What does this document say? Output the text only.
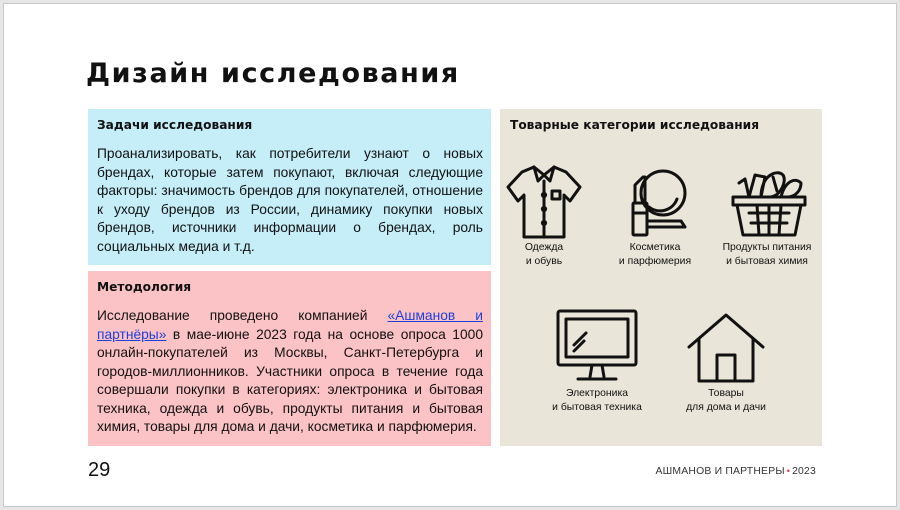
Дизайн исследования
Задачи исследования

Проанализировать, как потребители узнают о новых брендах, которые затем покупают, включая следующие факторы: значимость брендов для покупателей, отношение к уходу брендов из России, динамику покупки новых брендов, источники информации о брендах, роль социальных медиа и т.д.

Методология

Исследование проведено компанией «Ашманов и партнёры» в мае-июне 2023 года на основе опроса 1000 онлайн-покупателей из Москвы, Санкт-Петербурга и городов-миллионников. Участники опроса в течение года совершали покупки в категориях: электроника и бытовая техника, одежда и обувь, продукты питания и бытовая химия, товары для дома и дачи, косметика и парфюмерия.

Товарные категории исследования
Одежда
и обувь
Косметика
и парфюмерия
Продукты питания
и бытовая химия
Электроника
и бытовая техника
Товары
для дома и дачи
29	АШМАНОВ И ПАРТНЕРЫ • 2023
